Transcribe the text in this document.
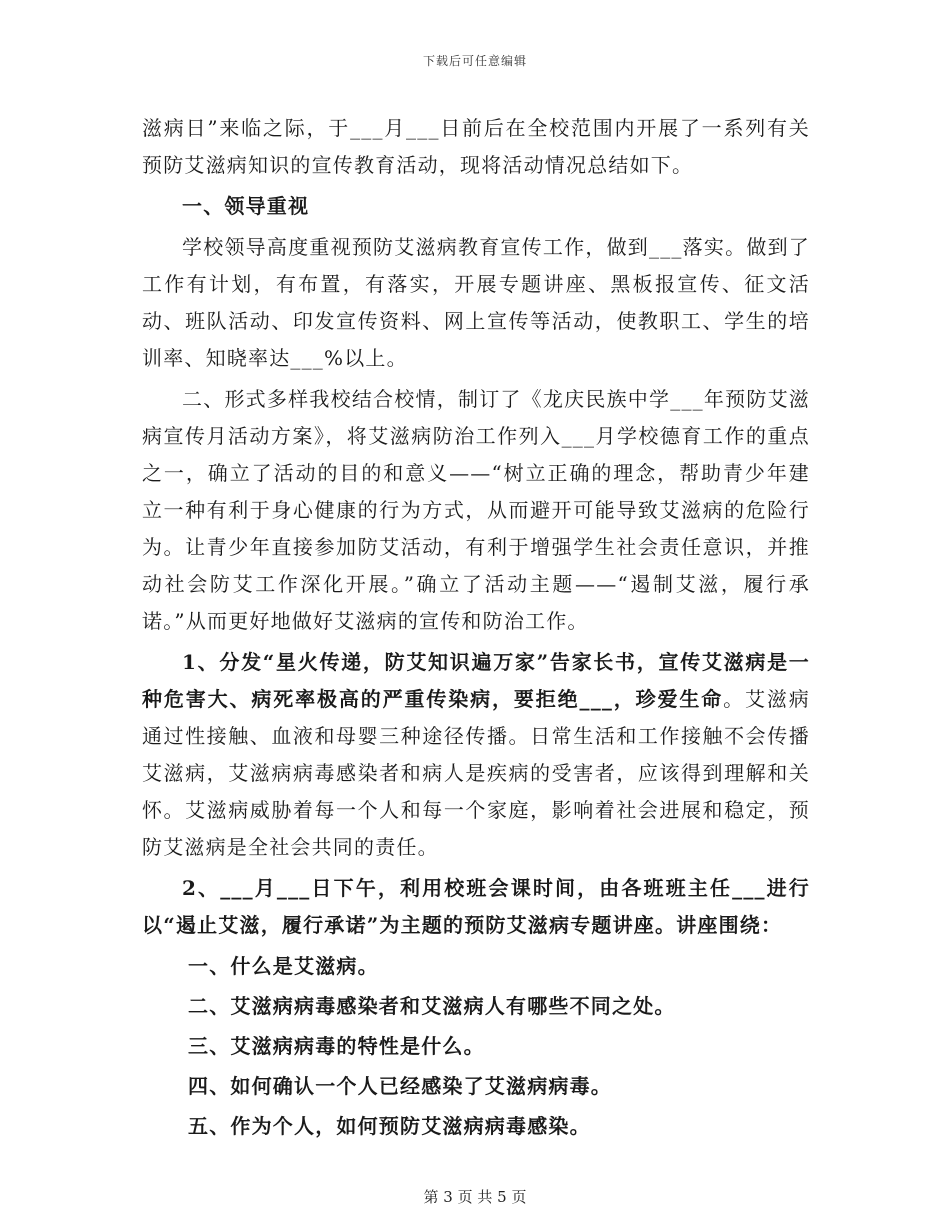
下载后可任意编辑

滋病日”来临之际，于___月___日前后在全校范围内开展了一系列有关预防艾滋病知识的宣传教育活动，现将活动情况总结如下。

一、领导重视

学校领导高度重视预防艾滋病教育宣传工作，做到___落实。做到了工作有计划，有布置，有落实，开展专题讲座、黑板报宣传、征文活动、班队活动、印发宣传资料、网上宣传等活动，使教职工、学生的培训率、知晓率达___%以上。

二、形式多样我校结合校情，制订了《龙庆民族中学___年预防艾滋病宣传月活动方案》，将艾滋病防治工作列入___月学校德育工作的重点之一，确立了活动的目的和意义——“树立正确的理念，帮助青少年建立一种有利于身心健康的行为方式，从而避开可能导致艾滋病的危险行为。让青少年直接参加防艾活动，有利于增强学生社会责任意识，并推动社会防艾工作深化开展。”确立了活动主题——“遏制艾滋，履行承诺。”从而更好地做好艾滋病的宣传和防治工作。

1、分发“星火传递，防艾知识遍万家”告家长书，宣传艾滋病是一种危害大、病死率极高的严重传染病，要拒绝___，珍爱生命。艾滋病通过性接触、血液和母婴三种途径传播。日常生活和工作接触不会传播艾滋病，艾滋病病毒感染者和病人是疾病的受害者，应该得到理解和关怀。艾滋病威胁着每一个人和每一个家庭，影响着社会进展和稳定，预防艾滋病是全社会共同的责任。

2、___月___日下午，利用校班会课时间，由各班班主任___进行以“遏止艾滋，履行承诺”为主题的预防艾滋病专题讲座。讲座围绕：

一、什么是艾滋病。

二、艾滋病病毒感染者和艾滋病人有哪些不同之处。

三、艾滋病病毒的特性是什么。

四、如何确认一个人已经感染了艾滋病病毒。

五、作为个人，如何预防艾滋病病毒感染。

第 3 页 共 5 页
